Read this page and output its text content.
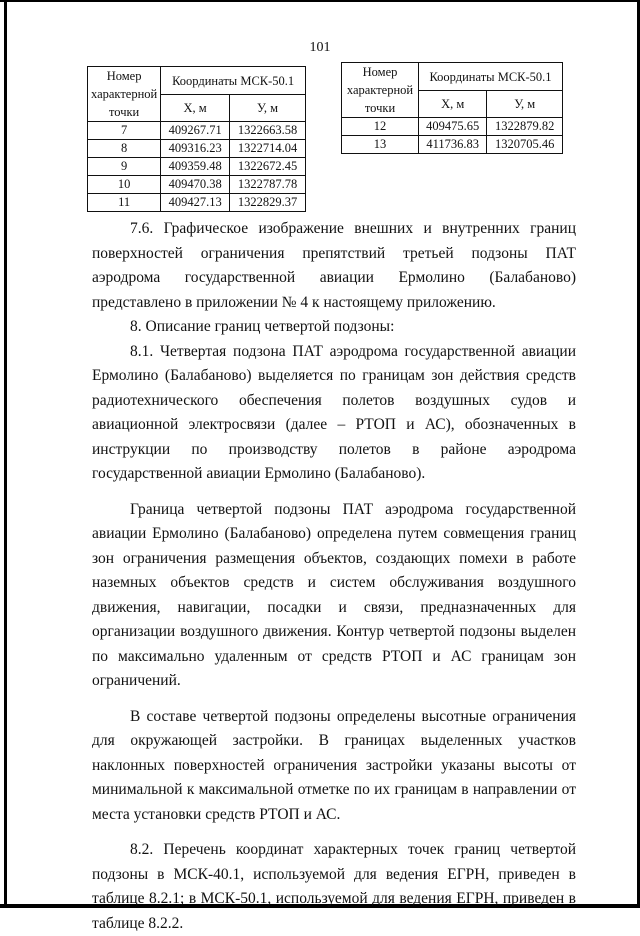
101
Номер характерной точки	Координаты МСК-50.1	
	X, м	У, м
7	409267.71	1322663.58
8	409316.23	1322714.04
9	409359.48	1322672.45
10	409470.38	1322787.78
11	409427.13	1322829.37
Номер характерной точки	Координаты МСК-50.1	
	X, м	У, м
12	409475.65	1322879.82
13	411736.83	1320705.46

7.6. Графическое изображение внешних и внутренних границ поверхностей ограничения препятствий третьей подзоны ПАТ аэродрома государственной авиации Ермолино (Балабаново) представлено в приложении № 4 к настоящему приложению.

8. Описание границ четвертой подзоны:

8.1. Четвертая подзона ПАТ аэродрома государственной авиации Ермолино (Балабаново) выделяется по границам зон действия средств радиотехнического обеспечения полетов воздушных судов и авиационной электросвязи (далее – РТОП и АС), обозначенных в инструкции по производству полетов в районе аэродрома государственной авиации Ермолино (Балабаново).

Граница четвертой подзоны ПАТ аэродрома государственной авиации Ермолино (Балабаново) определена путем совмещения границ зон ограничения размещения объектов, создающих помехи в работе наземных объектов средств и систем обслуживания воздушного движения, навигации, посадки и связи, предназначенных для организации воздушного движения. Контур четвертой подзоны выделен по максимально удаленным от средств РТОП и АС границам зон ограничений.

В составе четвертой подзоны определены высотные ограничения для окружающей застройки. В границах выделенных участков наклонных поверхностей ограничения застройки указаны высоты от минимальной к максимальной отметке по их границам в направлении от места установки средств РТОП и АС.

8.2. Перечень координат характерных точек границ четвертой подзоны в МСК-40.1, используемой для ведения ЕГРН, приведен в таблице 8.2.1; в МСК-50.1, используемой для ведения ЕГРН, приведен в таблице 8.2.2.
